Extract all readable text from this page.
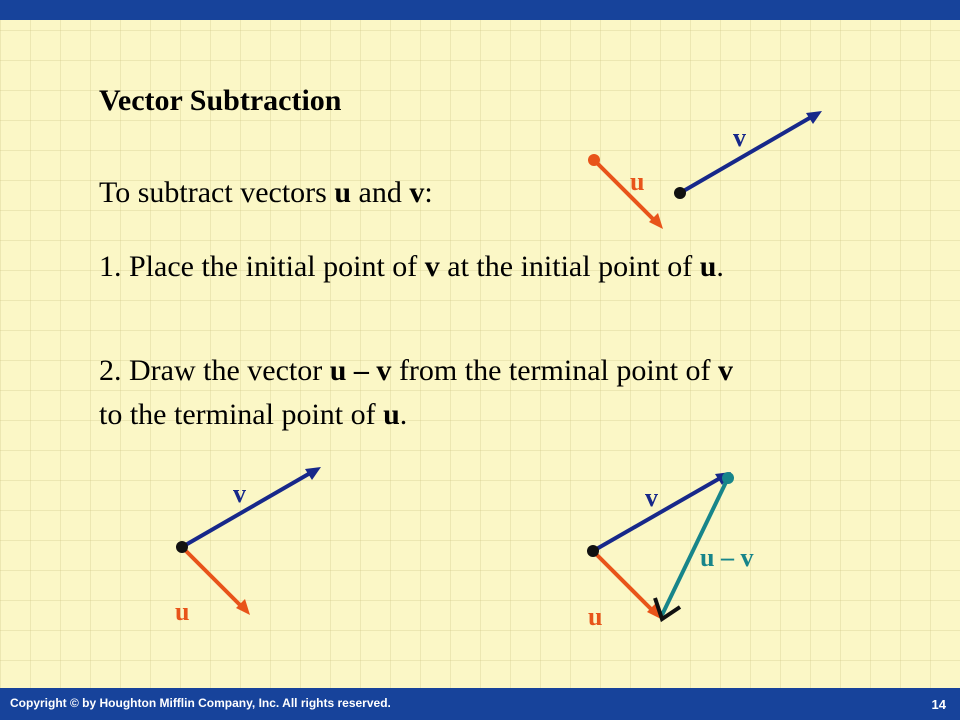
Vector Subtraction
To subtract vectors u and v:
1. Place the initial point of v at the initial point of u.
2. Draw the vector u – v from the terminal point of v
to the terminal point of u.
v
u
v
u
v
u
u – v
Copyright © by Houghton Mifflin Company, Inc. All rights reserved.	14
